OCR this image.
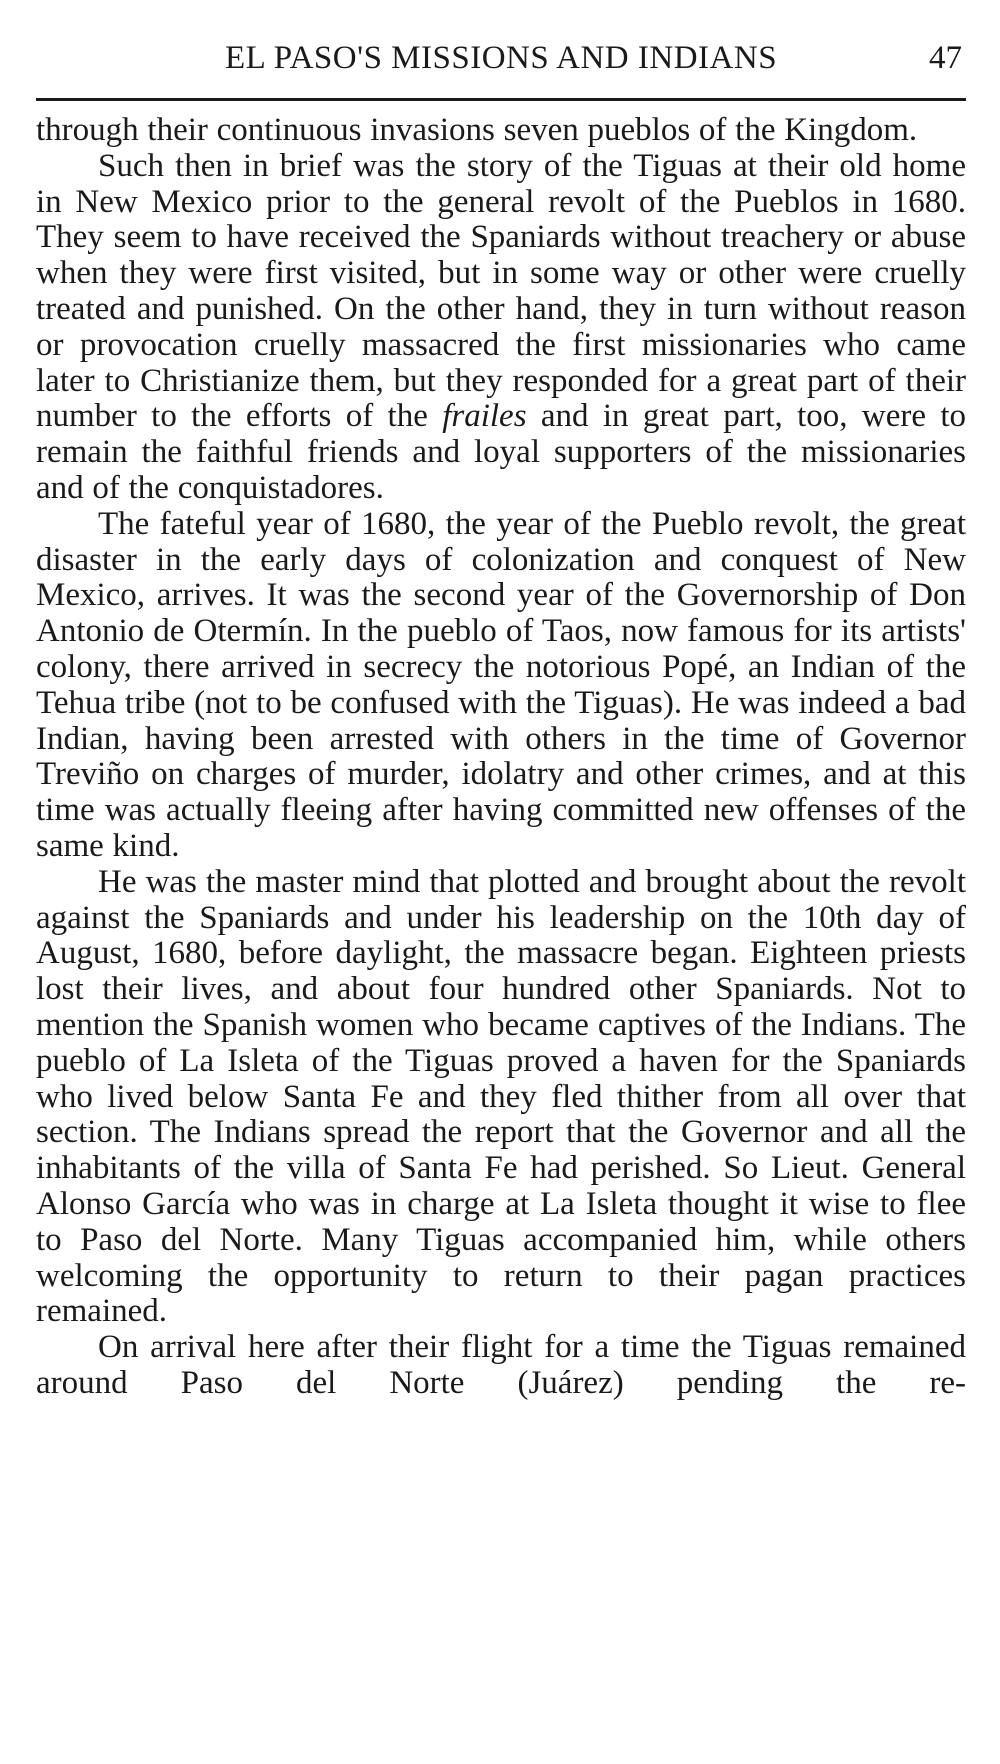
EL PASO'S MISSIONS AND INDIANS	47

through their continuous invasions seven pueblos of the Kingdom.

Such then in brief was the story of the Tiguas at their old home in New Mexico prior to the general revolt of the Pueblos in 1680. They seem to have received the Spaniards without treachery or abuse when they were first visited, but in some way or other were cruelly treated and punished. On the other hand, they in turn without reason or provocation cruelly massacred the first missionaries who came later to Christianize them, but they responded for a great part of their number to the efforts of the frailes and in great part, too, were to remain the faithful friends and loyal supporters of the missionaries and of the conquistadores.

The fateful year of 1680, the year of the Pueblo revolt, the great disaster in the early days of colonization and conquest of New Mexico, arrives. It was the second year of the Governorship of Don Antonio de Otermín. In the pueblo of Taos, now famous for its artists' colony, there arrived in secrecy the notorious Popé, an Indian of the Tehua tribe (not to be confused with the Tiguas). He was indeed a bad Indian, having been arrested with others in the time of Governor Treviño on charges of murder, idolatry and other crimes, and at this time was actually fleeing after having committed new offenses of the same kind.

He was the master mind that plotted and brought about the revolt against the Spaniards and under his leadership on the 10th day of August, 1680, before daylight, the massacre began. Eighteen priests lost their lives, and about four hundred other Spaniards. Not to mention the Spanish women who became captives of the Indians. The pueblo of La Isleta of the Tiguas proved a haven for the Spaniards who lived below Santa Fe and they fled thither from all over that section. The Indians spread the report that the Governor and all the inhabitants of the villa of Santa Fe had perished. So Lieut. General Alonso García who was in charge at La Isleta thought it wise to flee to Paso del Norte. Many Tiguas accompanied him, while others welcoming the opportunity to return to their pagan practices remained.

On arrival here after their flight for a time the Tiguas remained around Paso del Norte (Juárez) pending the re-
